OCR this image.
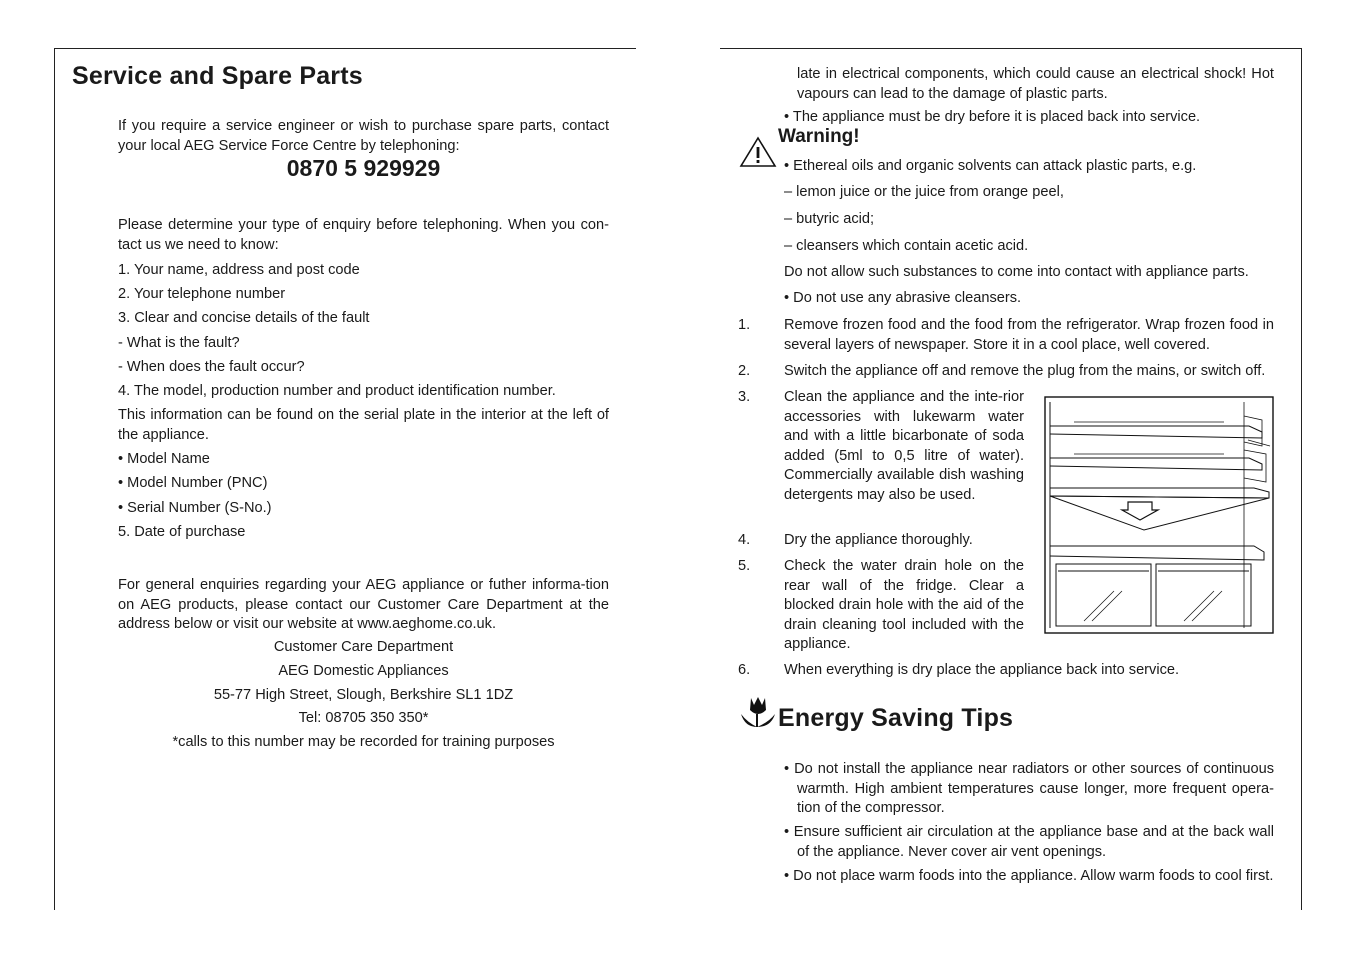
Service and Spare Parts
If you require a service engineer or wish to purchase spare parts, contact your local AEG Service Force Centre by telephoning:
0870 5 929929
Please determine your type of enquiry before telephoning. When you con-tact us we need to know:
1. Your name, address and post code
2. Your telephone number
3. Clear and concise details of the fault
- What is the fault?
- When does the fault occur?
4. The model, production number and product identification number.
This information can be found on the serial plate in the interior at the left of the appliance.
• Model Name
• Model Number (PNC)
• Serial Number (S-No.)
5. Date of purchase
For general enquiries regarding your AEG appliance or futher informa-tion on AEG products, please contact our Customer Care Department at the address below or visit our website at www.aeghome.co.uk.
Customer Care Department
AEG Domestic Appliances
55-77 High Street, Slough, Berkshire SL1 1DZ
Tel: 08705 350 350*
*calls to this number may be recorded for training purposes
late in electrical components, which could cause an electrical shock! Hot vapours can lead to the damage of plastic parts.
• The appliance must be dry before it is placed back into service.
Warning!
• Ethereal oils and organic solvents can attack plastic parts, e.g.
– lemon juice or the juice from orange peel,
– butyric acid;
– cleansers which contain acetic acid.
Do not allow such substances to come into contact with appliance parts.
• Do not use any abrasive cleansers.
1. Remove frozen food and the food from the refrigerator. Wrap frozen food in several layers of newspaper. Store it in a cool place, well covered.
2. Switch the appliance off and remove the plug from the mains, or switch off.
3. Clean the appliance and the inte-rior accessories with lukewarm water and with a little bicarbonate of soda added (5ml to 0,5 litre of water). Commercially available dish washing detergents may also be used.
4. Dry the appliance thoroughly.
5. Check the water drain hole on the rear wall of the fridge. Clear a blocked drain hole with the aid of the drain cleaning tool included with the appliance.
6. When everything is dry place the appliance back into service.
Energy Saving Tips
• Do not install the appliance near radiators or other sources of continuous warmth. High ambient temperatures cause longer, more frequent opera-tion of the compressor.
• Ensure sufficient air circulation at the appliance base and at the back wall of the appliance. Never cover air vent openings.
• Do not place warm foods into the appliance. Allow warm foods to cool first.
